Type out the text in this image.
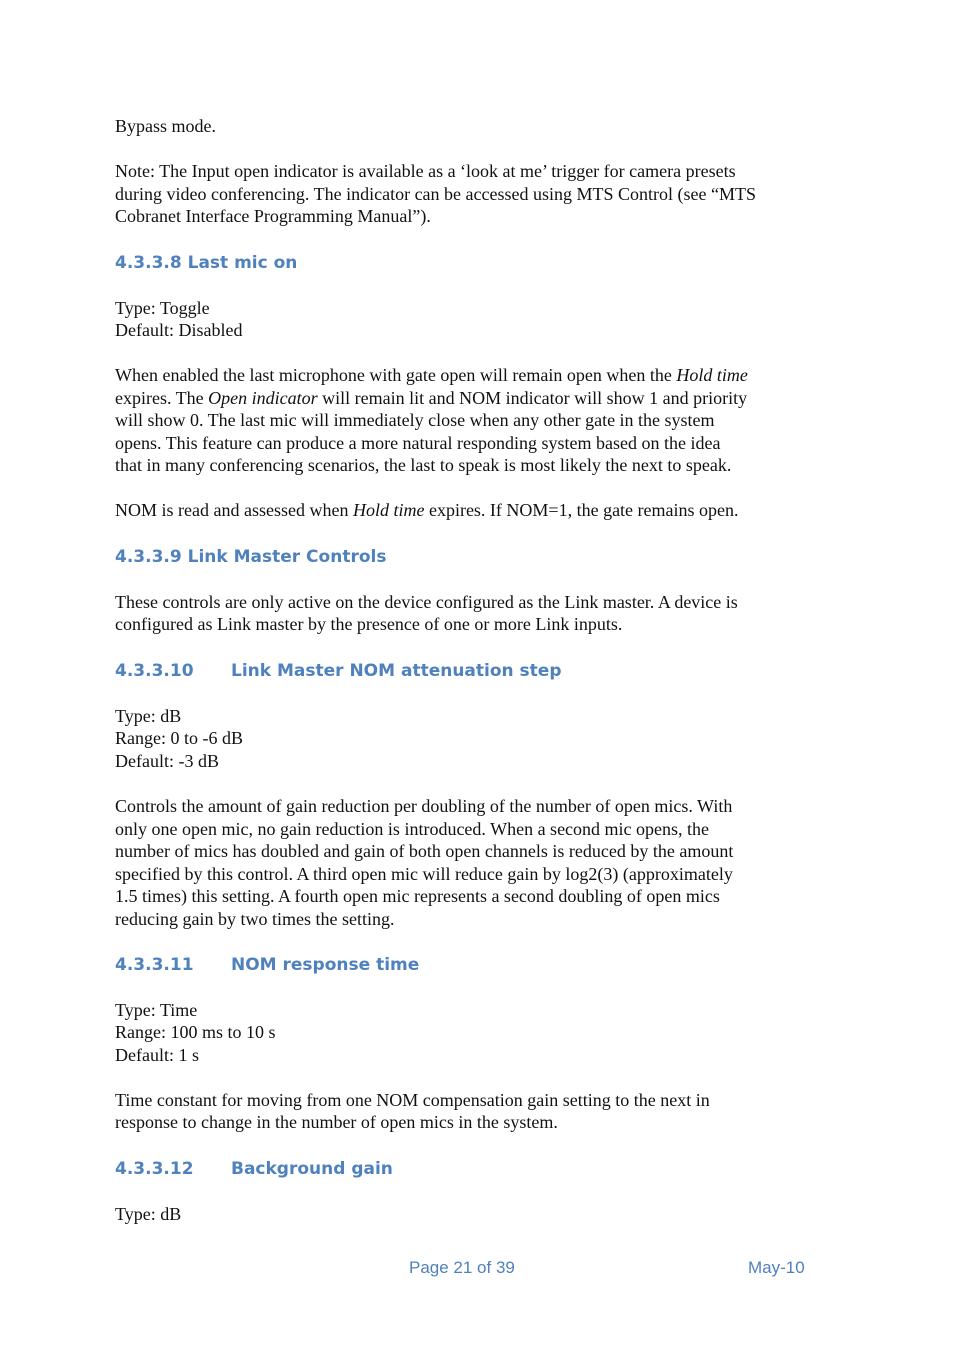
Bypass mode.

Note: The Input open indicator is available as a ‘look at me’ trigger for camera presets

during video conferencing. The indicator can be accessed using MTS Control (see “MTS

Cobranet Interface Programming Manual”).

4.3.3.8 Last mic on

Type: Toggle

Default: Disabled

When enabled the last microphone with gate open will remain open when the Hold time

expires. The Open indicator will remain lit and NOM indicator will show 1 and priority

will show 0. The last mic will immediately close when any other gate in the system

opens. This feature can produce a more natural responding system based on the idea

that in many conferencing scenarios, the last to speak is most likely the next to speak.

NOM is read and assessed when Hold time expires. If NOM=1, the gate remains open.

4.3.3.9 Link Master Controls

These controls are only active on the device configured as the Link master. A device is

configured as Link master by the presence of one or more Link inputs.

4.3.3.10 Link Master NOM attenuation step

Type: dB

Range: 0 to -6 dB

Default: -3 dB

Controls the amount of gain reduction per doubling of the number of open mics. With

only one open mic, no gain reduction is introduced. When a second mic opens, the

number of mics has doubled and gain of both open channels is reduced by the amount

specified by this control. A third open mic will reduce gain by log2(3) (approximately

1.5 times) this setting. A fourth open mic represents a second doubling of open mics

reducing gain by two times the setting.

4.3.3.11 NOM response time

Type: Time

Range: 100 ms to 10 s

Default: 1 s

Time constant for moving from one NOM compensation gain setting to the next in

response to change in the number of open mics in the system.

4.3.3.12 Background gain

Type: dB

Page 21 of 39	May-10
